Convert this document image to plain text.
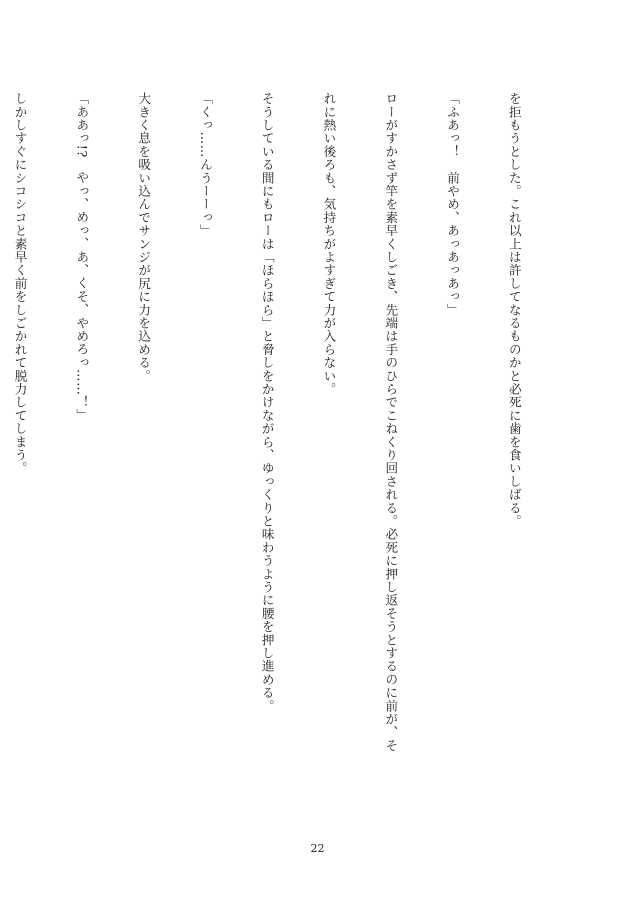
を拒もうとした。これ以上は許してなるものかと必死に歯を食いしばる。

「ふあっ！　前やめ、あっあっあっ」

ローがすかさず竿を素早くしごき、先端は手のひらでこねくり回される。必死に押し返そうとするのに前が、そ

れに熱い後ろも、気持ちがよすぎて力が入らない。

そうしている間にもローは「ほらほら」と脅しをかけながら、ゆっくりと味わうように腰を押し進める。

「くっ……んうーーっ」

大きく息を吸い込んでサンジが尻に力を込める。

「ああっ!?　やっ、めっ、あ、くそ、やめろっ……！」

しかしすぐにシコシコと素早く前をしごかれて脱力してしまう。

22
